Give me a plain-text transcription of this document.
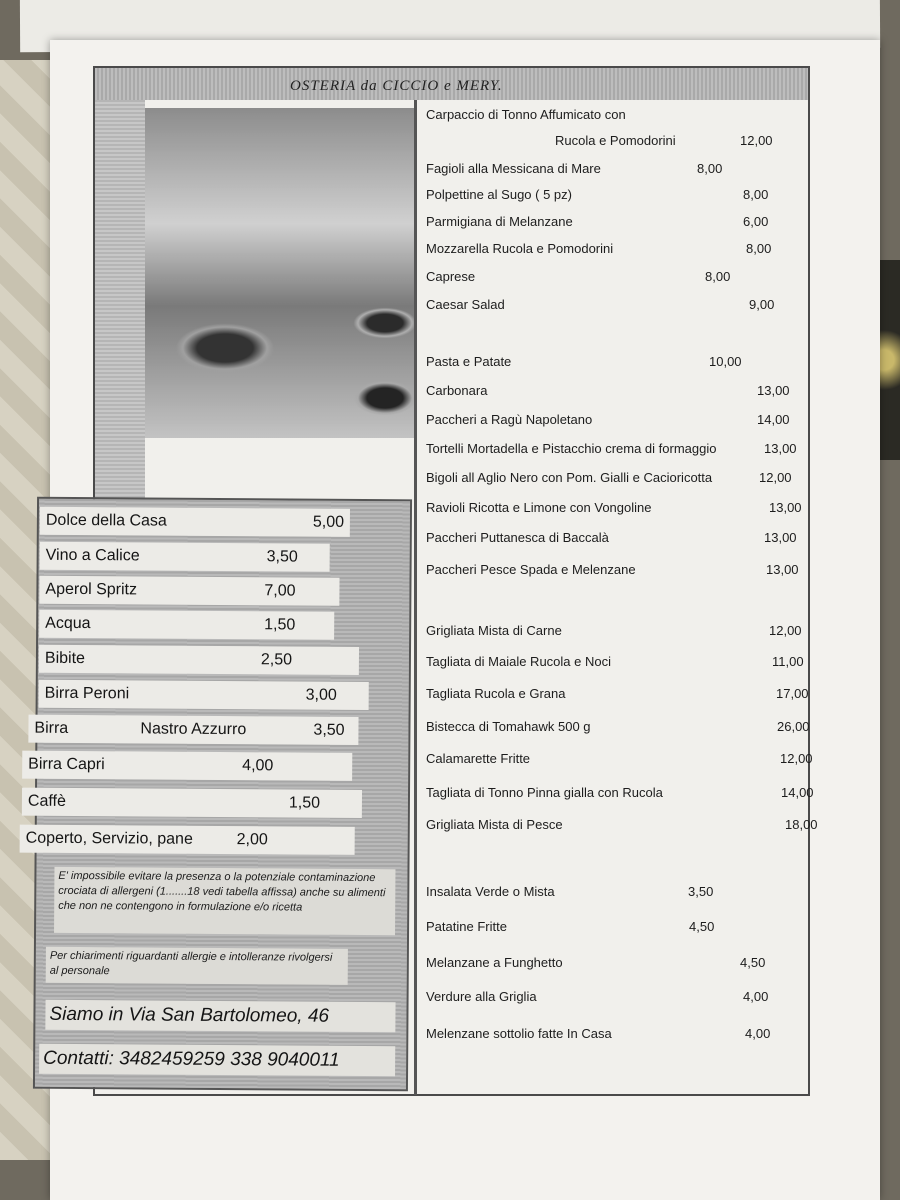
OSTERIA da CICCIO e MERY.
Carpaccio di Tonno Affumicato con
Rucola e Pomodorini	12,00
Fagioli alla Messicana di Mare	8,00
Polpettine al Sugo ( 5 pz)	8,00
Parmigiana di Melanzane	6,00
Mozzarella Rucola e Pomodorini	8,00
Caprese	8,00
Caesar Salad	9,00
Pasta e Patate	10,00
Carbonara	13,00
Paccheri a Ragù Napoletano	14,00
Tortelli Mortadella e Pistacchio crema di formaggio	13,00
Bigoli all Aglio Nero con Pom. Gialli e Cacioricotta	12,00
Ravioli Ricotta e Limone con Vongoline	13,00
Paccheri Puttanesca di Baccalà	13,00
Paccheri Pesce Spada e Melenzane	13,00
Grigliata Mista di Carne	12,00
Tagliata di Maiale Rucola e Noci	11,00
Tagliata Rucola e Grana	17,00
Bistecca di Tomahawk 500 g	26,00
Calamarette Fritte	12,00
Tagliata di Tonno Pinna gialla con Rucola	14,00
Grigliata Mista di Pesce	18,00
Insalata Verde o Mista	3,50
Patatine Fritte	4,50
Melanzane a Funghetto	4,50
Verdure alla Griglia	4,00
Melenzane sottolio fatte In Casa	4,00
Dolce della Casa	5,00
Vino a Calice	3,50
Aperol Spritz	7,00
Acqua	1,50
Bibite	2,50
Birra Peroni	3,00
Birra	Nastro Azzurro	3,50
Birra Capri	4,00
Caffè	1,50
Coperto, Servizio, pane	2,00
E' impossibile evitare la presenza o la potenziale contaminazione crociata di allergeni (1.......18 vedi tabella affissa) anche su alimenti che non ne contengono in formulazione e/o ricetta
Per chiarimenti riguardanti allergie e intolleranze rivolgersi al personale
Siamo in Via San Bartolomeo, 46
Contatti: 3482459259 338 9040011
